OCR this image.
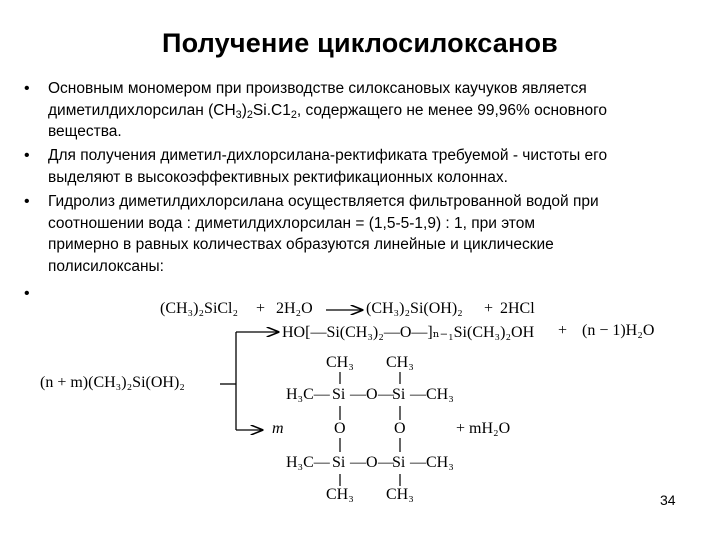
Получение циклосилоксанов
• Основным мономером при производстве силоксановых каучуков является
диметилдихлорсилан $(CH_3)_2Si.C1_2$, содержащего не менее 99,96% основного
вещества.
• Для получения диметил-дихлорсилана-ректификата требуемой - чистоты его
выделяют в высокоэффективных ректификационных колоннах.
• Гидролиз диметилдихлорсилана осуществляется фильтрованной водой при
соотношении вода : диметилдихлорсилан = (1,5-5-1,9) : 1, при этом
примерно в равных количествах образуются линейные и циклические
полисилоксаны:
•
(CH₃)₂SiCl₂ + 2H₂O	(CH₃)₂Si(OH)₂ + 2HCl
HO[—Si(CH₃)₂—O—]ₙ₋₁Si(CH₃)₂OH + (n − 1)H₂O
(n + m)(CH₃)₂Si(OH)₂
m
CH₃ CH₃
H₃C— Si — O —
Si —CH₃
O	O	+ mH₂O
H₃C— Si — O —
Si —CH₃
CH₃ CH₃	34
